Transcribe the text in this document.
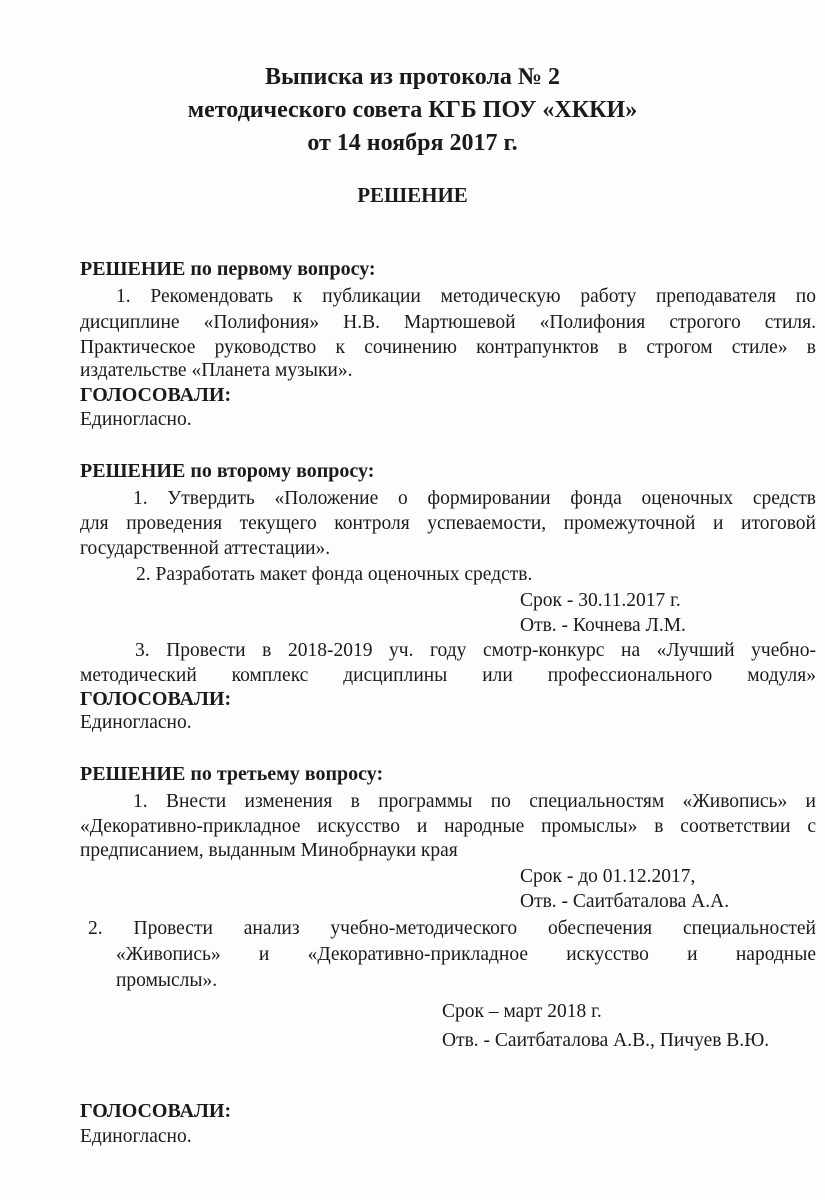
Выписка из протокола № 2
методического совета КГБ ПОУ «ХККИ»
от 14 ноября 2017 г.
РЕШЕНИЕ
РЕШЕНИЕ по первому вопросу:
1. Рекомендовать к публикации методическую работу преподавателя по
дисциплине «Полифония» Н.В. Мартюшевой «Полифония строгого стиля.
Практическое руководство к сочинению контрапунктов в строгом стиле» в
издательстве «Планета музыки».
ГОЛОСОВАЛИ:
Единогласно.
РЕШЕНИЕ по второму вопросу:
1. Утвердить «Положение о формировании фонда оценочных средств
для проведения текущего контроля успеваемости, промежуточной и итоговой
государственной аттестации».
2. Разработать макет фонда оценочных средств.
Срок - 30.11.2017 г.
Отв. - Кочнева Л.М.
3. Провести в 2018-2019 уч. году смотр-конкурс на «Лучший учебно-
методический комплекс дисциплины или профессионального модуля»
ГОЛОСОВАЛИ:
Единогласно.
РЕШЕНИЕ по третьему вопросу:
1. Внести изменения в программы по специальностям «Живопись» и
«Декоративно-прикладное искусство и народные промыслы» в соответствии с
предписанием, выданным Минобрнауки края
Срок - до 01.12.2017,
Отв. - Саитбаталова А.А.
2. Провести анализ учебно-методического обеспечения специальностей
«Живопись» и «Декоративно-прикладное искусство и народные
промыслы».
Срок – март 2018 г.
Отв. - Саитбаталова А.В., Пичуев В.Ю.
ГОЛОСОВАЛИ:
Единогласно.
